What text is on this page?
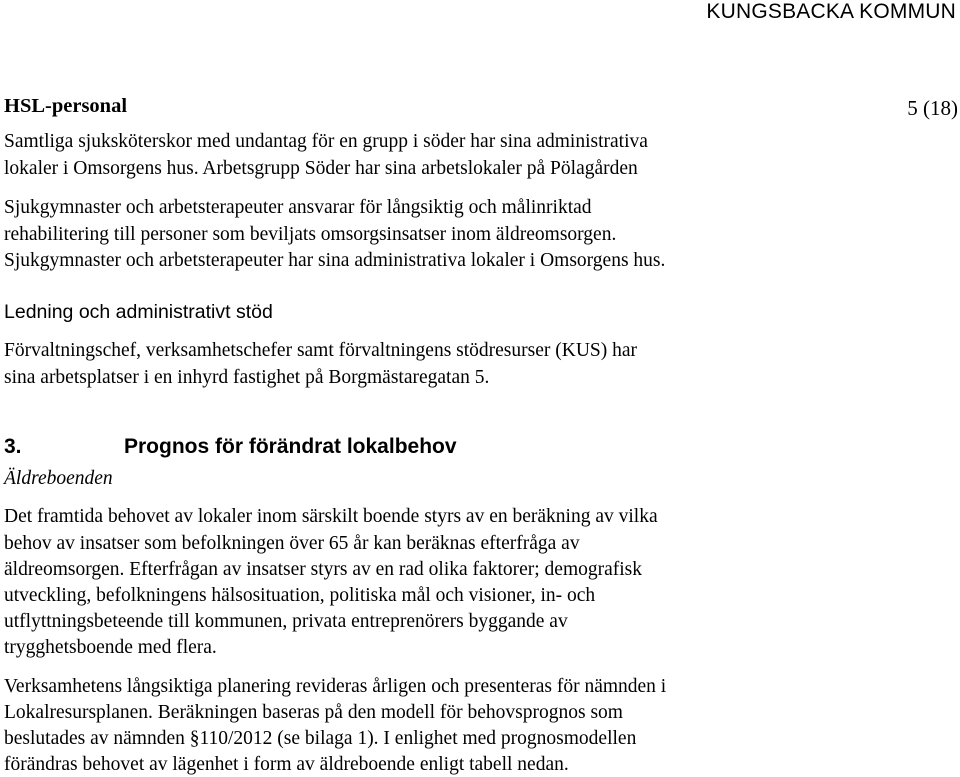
KUNGSBACKA KOMMUN
5 (18)
HSL-personal
Samtliga sjuksköterskor med undantag för en grupp i söder har sina administrativa
lokaler i Omsorgens hus. Arbetsgrupp Söder har sina arbetslokaler på Pölagården
Sjukgymnaster och arbetsterapeuter ansvarar för långsiktig och målinriktad
rehabilitering till personer som beviljats omsorgsinsatser inom äldreomsorgen.
Sjukgymnaster och arbetsterapeuter har sina administrativa lokaler i Omsorgens hus.
Ledning och administrativt stöd
Förvaltningschef, verksamhetschefer samt förvaltningens stödresurser (KUS) har
sina arbetsplatser i en inhyrd fastighet på Borgmästaregatan 5.
3.	Prognos för förändrat lokalbehov
Äldreboenden
Det framtida behovet av lokaler inom särskilt boende styrs av en beräkning av vilka
behov av insatser som befolkningen över 65 år kan beräknas efterfråga av
äldreomsorgen. Efterfrågan av insatser styrs av en rad olika faktorer; demografisk
utveckling, befolkningens hälsosituation, politiska mål och visioner, in- och
utflyttningsbeteende till kommunen, privata entreprenörers byggande av
trygghetsboende med flera.
Verksamhetens långsiktiga planering revideras årligen och presenteras för nämnden i
Lokalresursplanen. Beräkningen baseras på den modell för behovsprognos som
beslutades av nämnden §110/2012 (se bilaga 1). I enlighet med prognosmodellen
förändras behovet av lägenhet i form av äldreboende enligt tabell nedan.
